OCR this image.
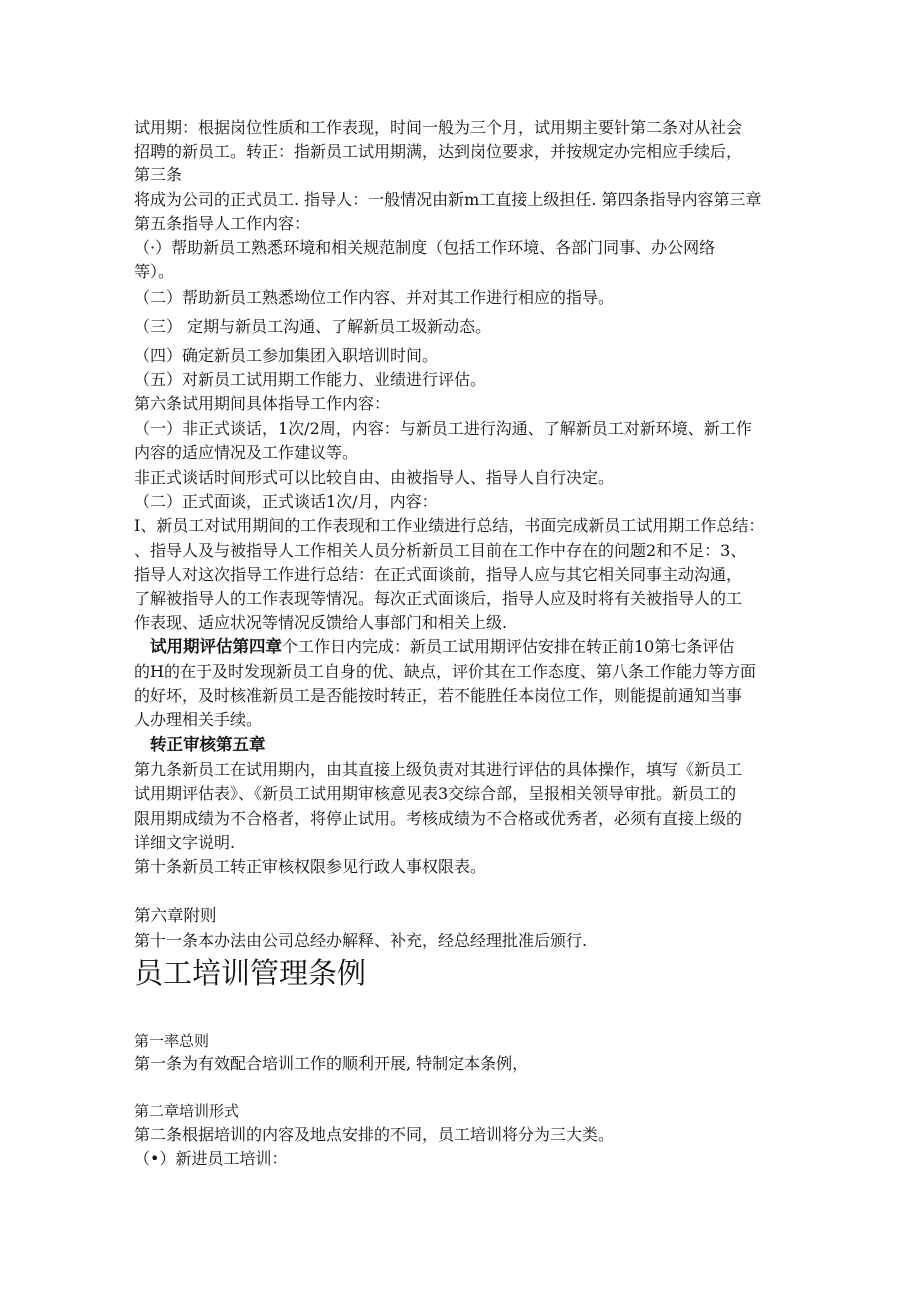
试用期：根据岗位性质和工作表现，时间一般为三个月，试用期主要针第二条对从社会
招聘的新员工。转正：指新员工试用期满，达到岗位要求，并按规定办完相应手续后，
第三条
将成为公司的正式员工. 指导人：一般情况由新m工直接上级担任. 第四条指导内容第三章
第五条指导人工作内容：
（·）帮助新员工熟悉环境和相关规范制度（包括工作环境、各部门同事、办公网络
等）。
（二）帮助新员工熟悉坳位工作内容、并对其工作进行相应的指导。
（三） 定期与新员工沟通、了解新员工圾新动态。
（四）确定新员工参加集团入职培训时间。
（五）对新员工试用期工作能力、业绩进行评估。
第六条试用期间具体指导工作内容：
（一）非正式谈话，1次/2周，内容：与新员工进行沟通、了解新员工对新环境、新工作
内容的适应情况及工作建议等。
非正式谈话时间形式可以比较自由、由被指导人、指导人自行决定。
（二）正式面谈，正式谈话1次/月，内容：
I、新员工对试用期间的工作表现和工作业绩进行总结，书面完成新员工试用期工作总结：
、指导人及与被指导人工作相关人员分析新员工目前在工作中存在的问题2和不足：3、
指导人对这次指导工作进行总结：在正式面谈前，指导人应与其它相关同事主动沟通，
了解被指导人的工作表现等情况。每次正式面谈后，指导人应及时将有关被指导人的工
作表现、适应状况等情况反馈给人事部门和相关上级.
试用期评估第四章个工作日内完成：新员工试用期评估安排在转正前10第七条评估
的H的在于及时发现新员工自身的优、缺点，评价其在工作态度、第八条工作能力等方面
的好坏，及时核准新员工是否能按时转正，若不能胜任本岗位工作，则能提前通知当事
人办理相关手续。
转正审核第五章
第九条新员工在试用期内，由其直接上级负责对其进行评估的具体操作，填写《新员工
试用期评估表》、《新员工试用期审核意见表3交综合部，呈报相关领导审批。新员工的
限用期成绩为不合格者，将停止试用。考核成绩为不合格或优秀者，必须有直接上级的
详细文字说明.
第十条新员工转正审核权限参见行政人事权限表。
第六章附则
第十一条本办法由公司总经办解释、补充，经总经理批准后颁行.
员工培训管理条例
第一率总则
第一条为有效配合培训工作的顺利开展, 特制定本条例，
第二章培训形式
第二条根据培训的内容及地点安排的不同，员工培训将分为三大类。
（•）新进员工培训：
